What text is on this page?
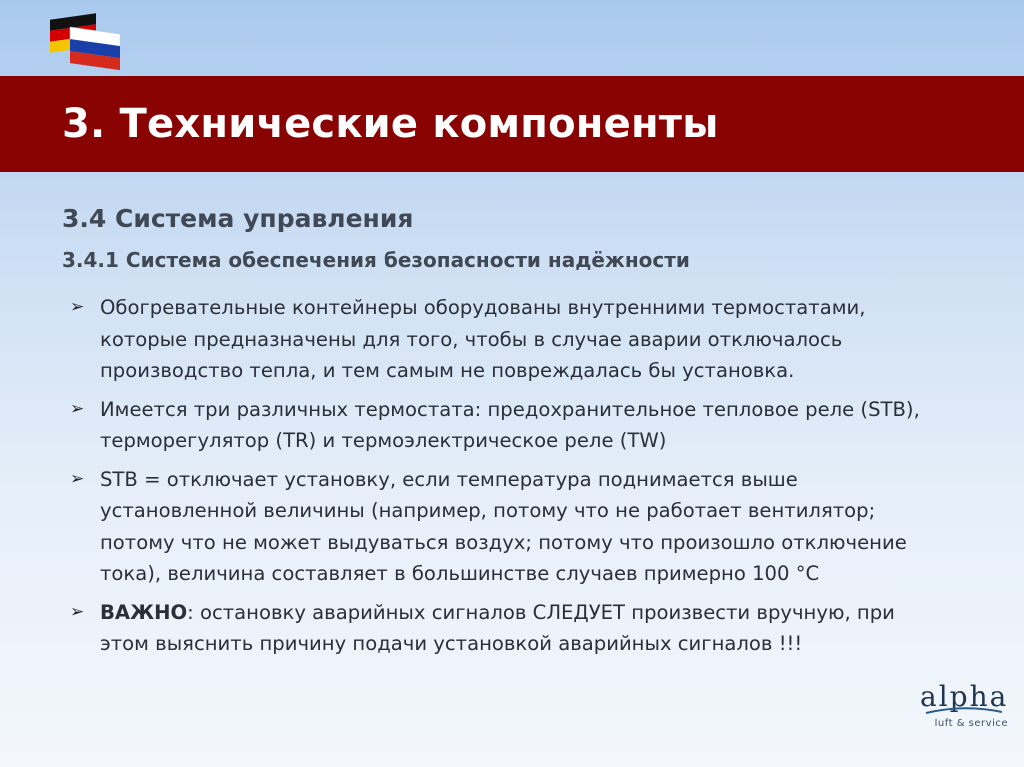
3. Технические компоненты
3.4 Система управления
3.4.1 Система обеспечения безопасности надёжности
➢ Обогревательные контейнеры оборудованы внутренними термостатами, которые предназначены для того, чтобы в случае аварии отключалось производство тепла, и тем самым не повреждалась бы установка.
➢ Имеется три различных термостата: предохранительное тепловое реле (STB), терморегулятор (TR) и термоэлектрическое реле (TW)
➢ STB = отключает установку, если температура поднимается выше установленной величины (например, потому что не работает вентилятор; потому что не может выдуваться воздух; потому что произошло отключение тока), величина составляет в большинстве случаев примерно 100 °C
➢ ВАЖНО: остановку аварийных сигналов СЛЕДУЕТ произвести вручную, при этом выяснить причину подачи установкой аварийных сигналов !!!
alpha
luft & service
